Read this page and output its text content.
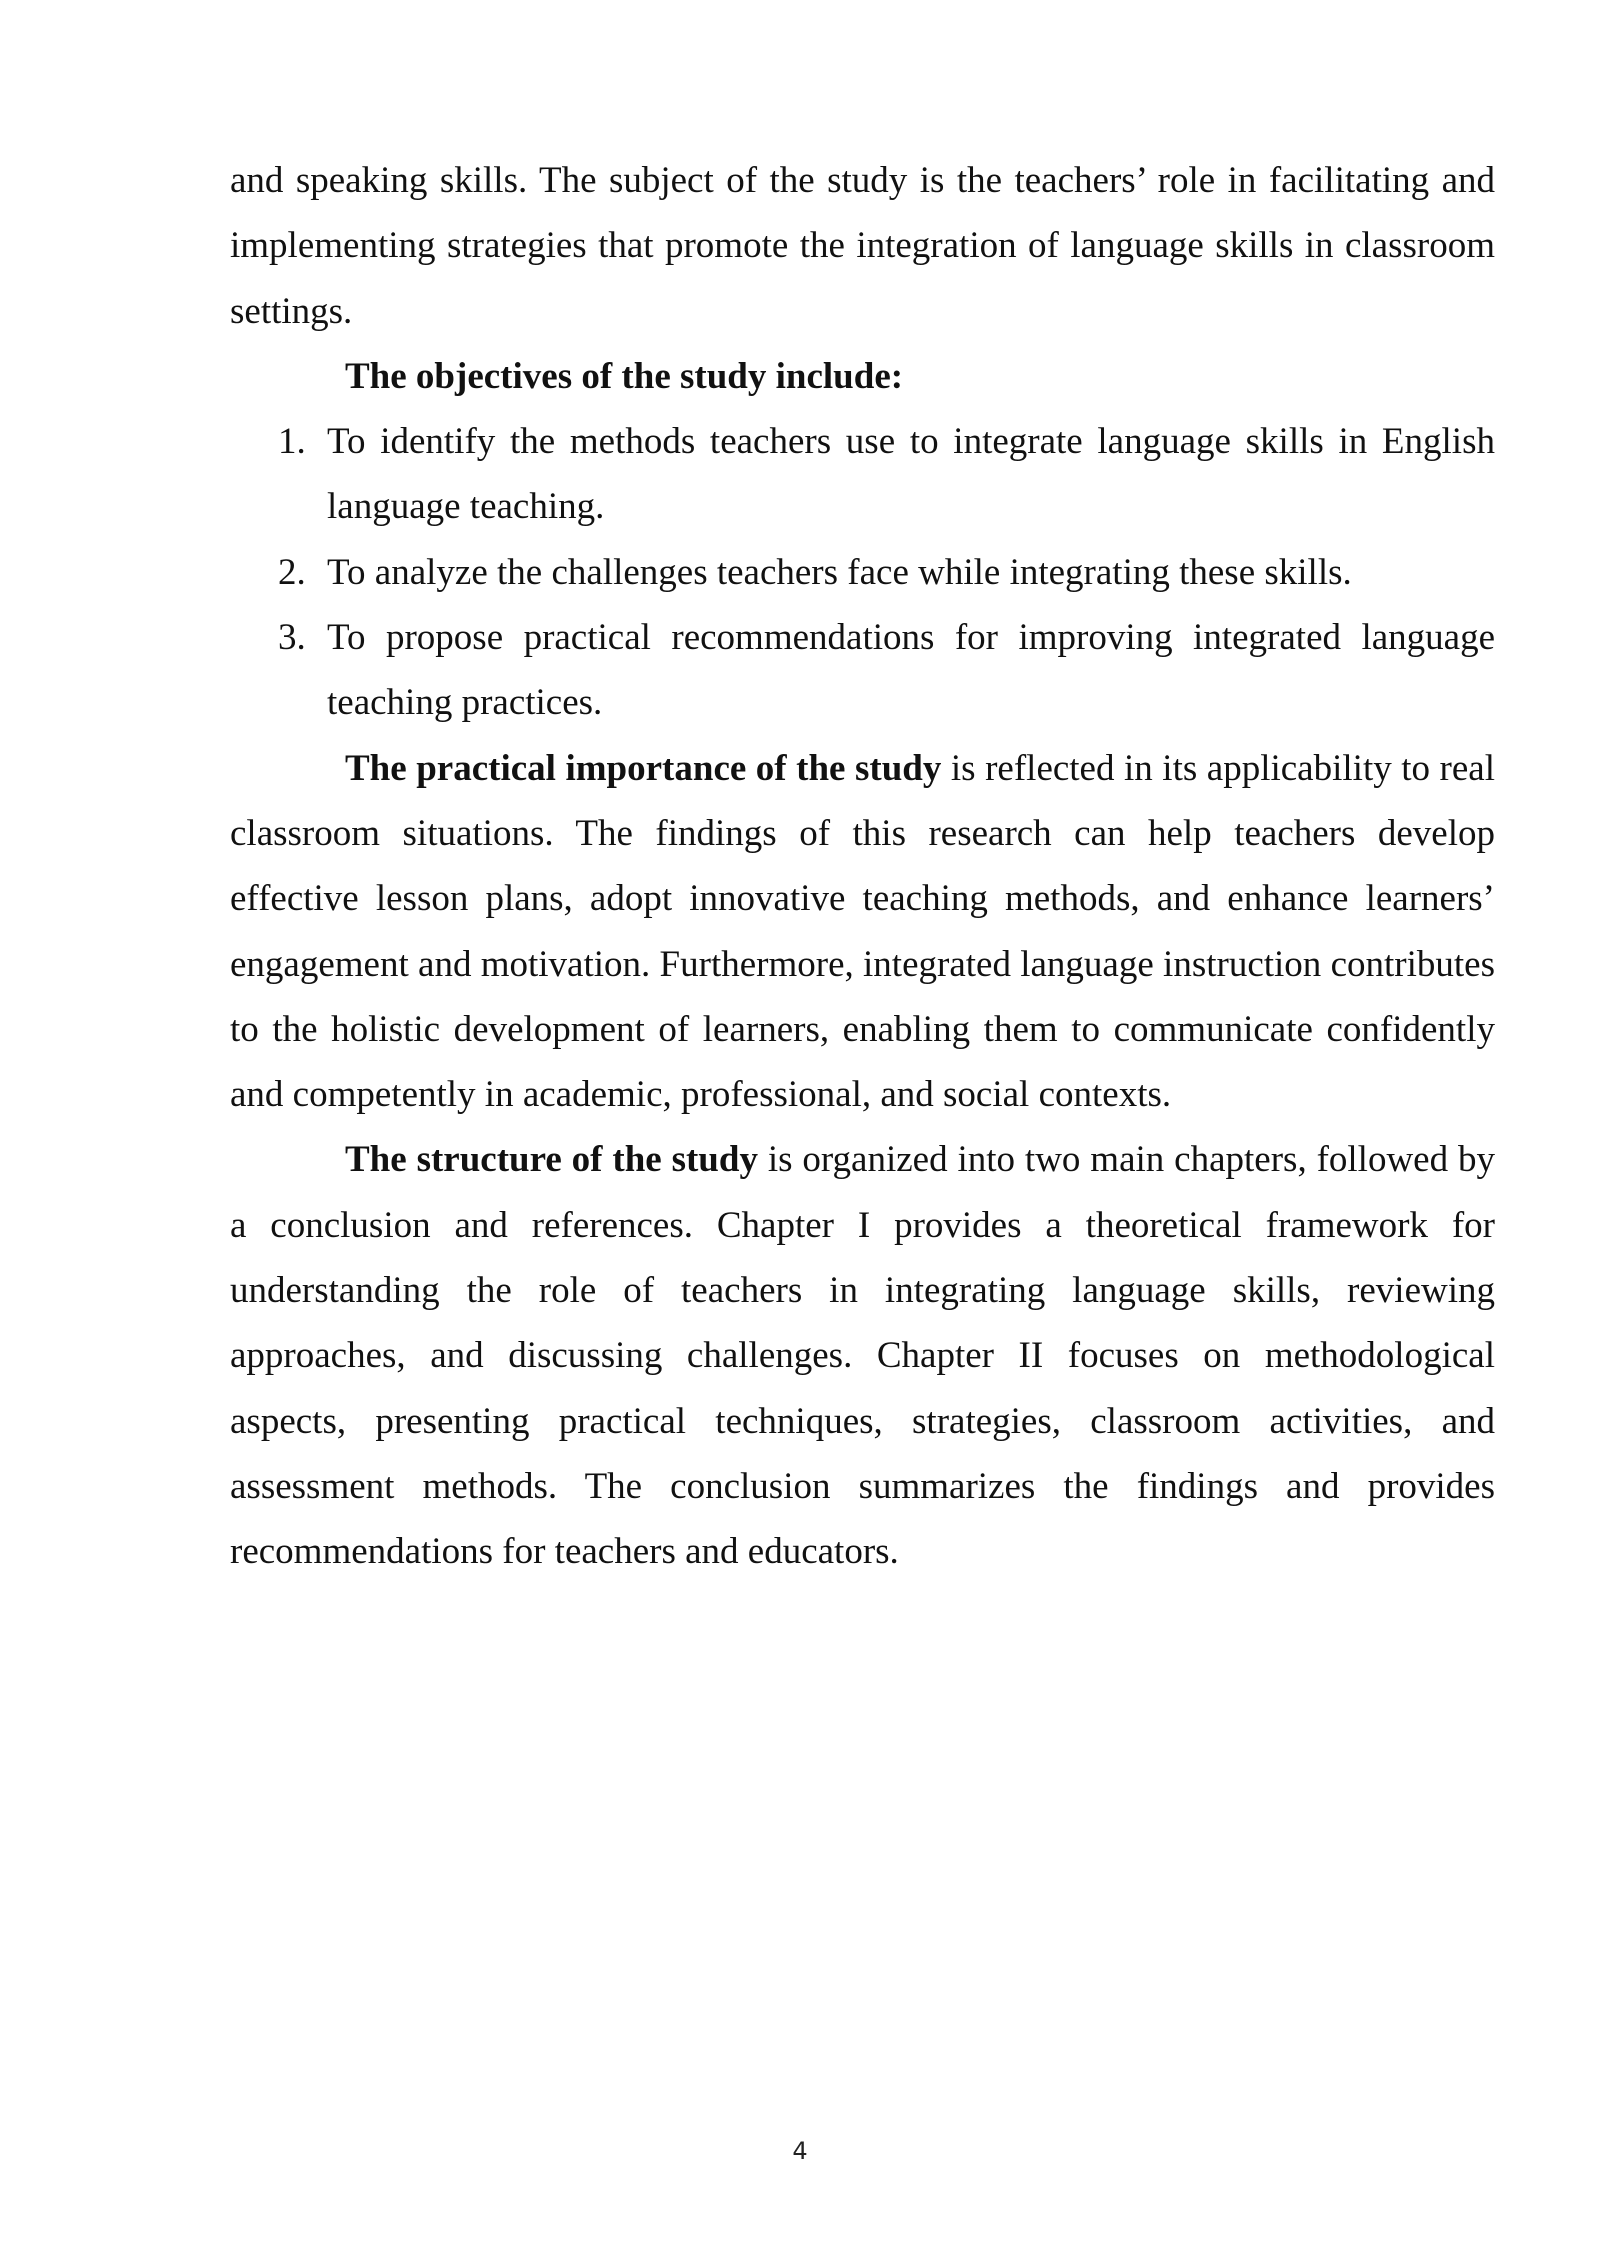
and speaking skills. The subject of the study is the teachers’ role in facilitating and implementing strategies that promote the integration of language skills in classroom settings.

The objectives of the study include:

1. To identify the methods teachers use to integrate language skills in English language teaching.
2. To analyze the challenges teachers face while integrating these skills.
3. To propose practical recommendations for improving integrated language teaching practices.

The practical importance of the study is reflected in its applicability to real classroom situations. The findings of this research can help teachers develop effective lesson plans, adopt innovative teaching methods, and enhance learners’ engagement and motivation. Furthermore, integrated language instruction contributes to the holistic development of learners, enabling them to communicate confidently and competently in academic, professional, and social contexts.

The structure of the study is organized into two main chapters, followed by a conclusion and references. Chapter I provides a theoretical framework for understanding the role of teachers in integrating language skills, reviewing approaches, and discussing challenges. Chapter II focuses on methodological aspects, presenting practical techniques, strategies, classroom activities, and assessment methods. The conclusion summarizes the findings and provides recommendations for teachers and educators.

4
